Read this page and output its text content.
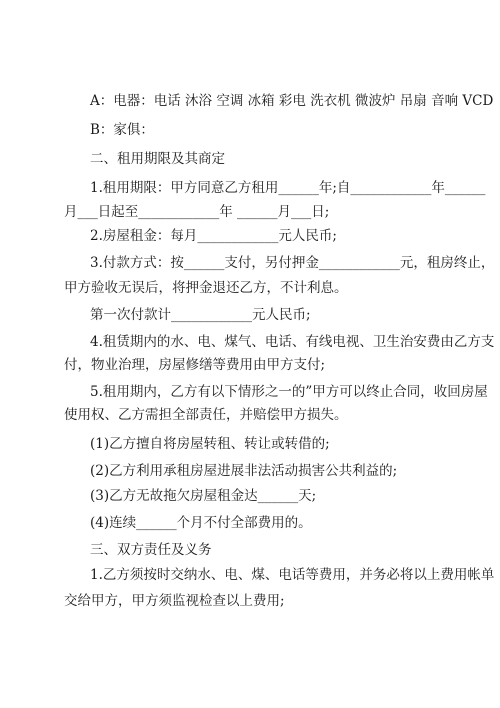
A：电器：电话 沐浴 空调 冰箱 彩电 洗衣机 微波炉 吊扇 音响 VCD
B：家俱：
二、租用期限及其商定
1.租用期限：甲方同意乙方租用______年;自____________年______
月___日起至____________年 ______月___日;
2.房屋租金：每月____________元人民币;
3.付款方式：按______支付，另付押金____________元，租房终止，
甲方验收无误后，将押金退还乙方，不计利息。
第一次付款计____________元人民币;
4.租赁期内的水、电、煤气、电话、有线电视、卫生治安费由乙方支
付，物业治理，房屋修缮等费用由甲方支付;
5.租用期内，乙方有以下情形之一的”甲方可以终止合同，收回房屋
使用权、乙方需担全部责任，并赔偿甲方损失。
(1)乙方擅自将房屋转租、转让或转借的;
(2)乙方利用承租房屋进展非法活动损害公共利益的;
(3)乙方无故拖欠房屋租金达______天;
(4)连续______个月不付全部费用的。
三、双方责任及义务
1.乙方须按时交纳水、电、煤、电话等费用，并务必将以上费用帐单
交给甲方，甲方须监视检查以上费用;
